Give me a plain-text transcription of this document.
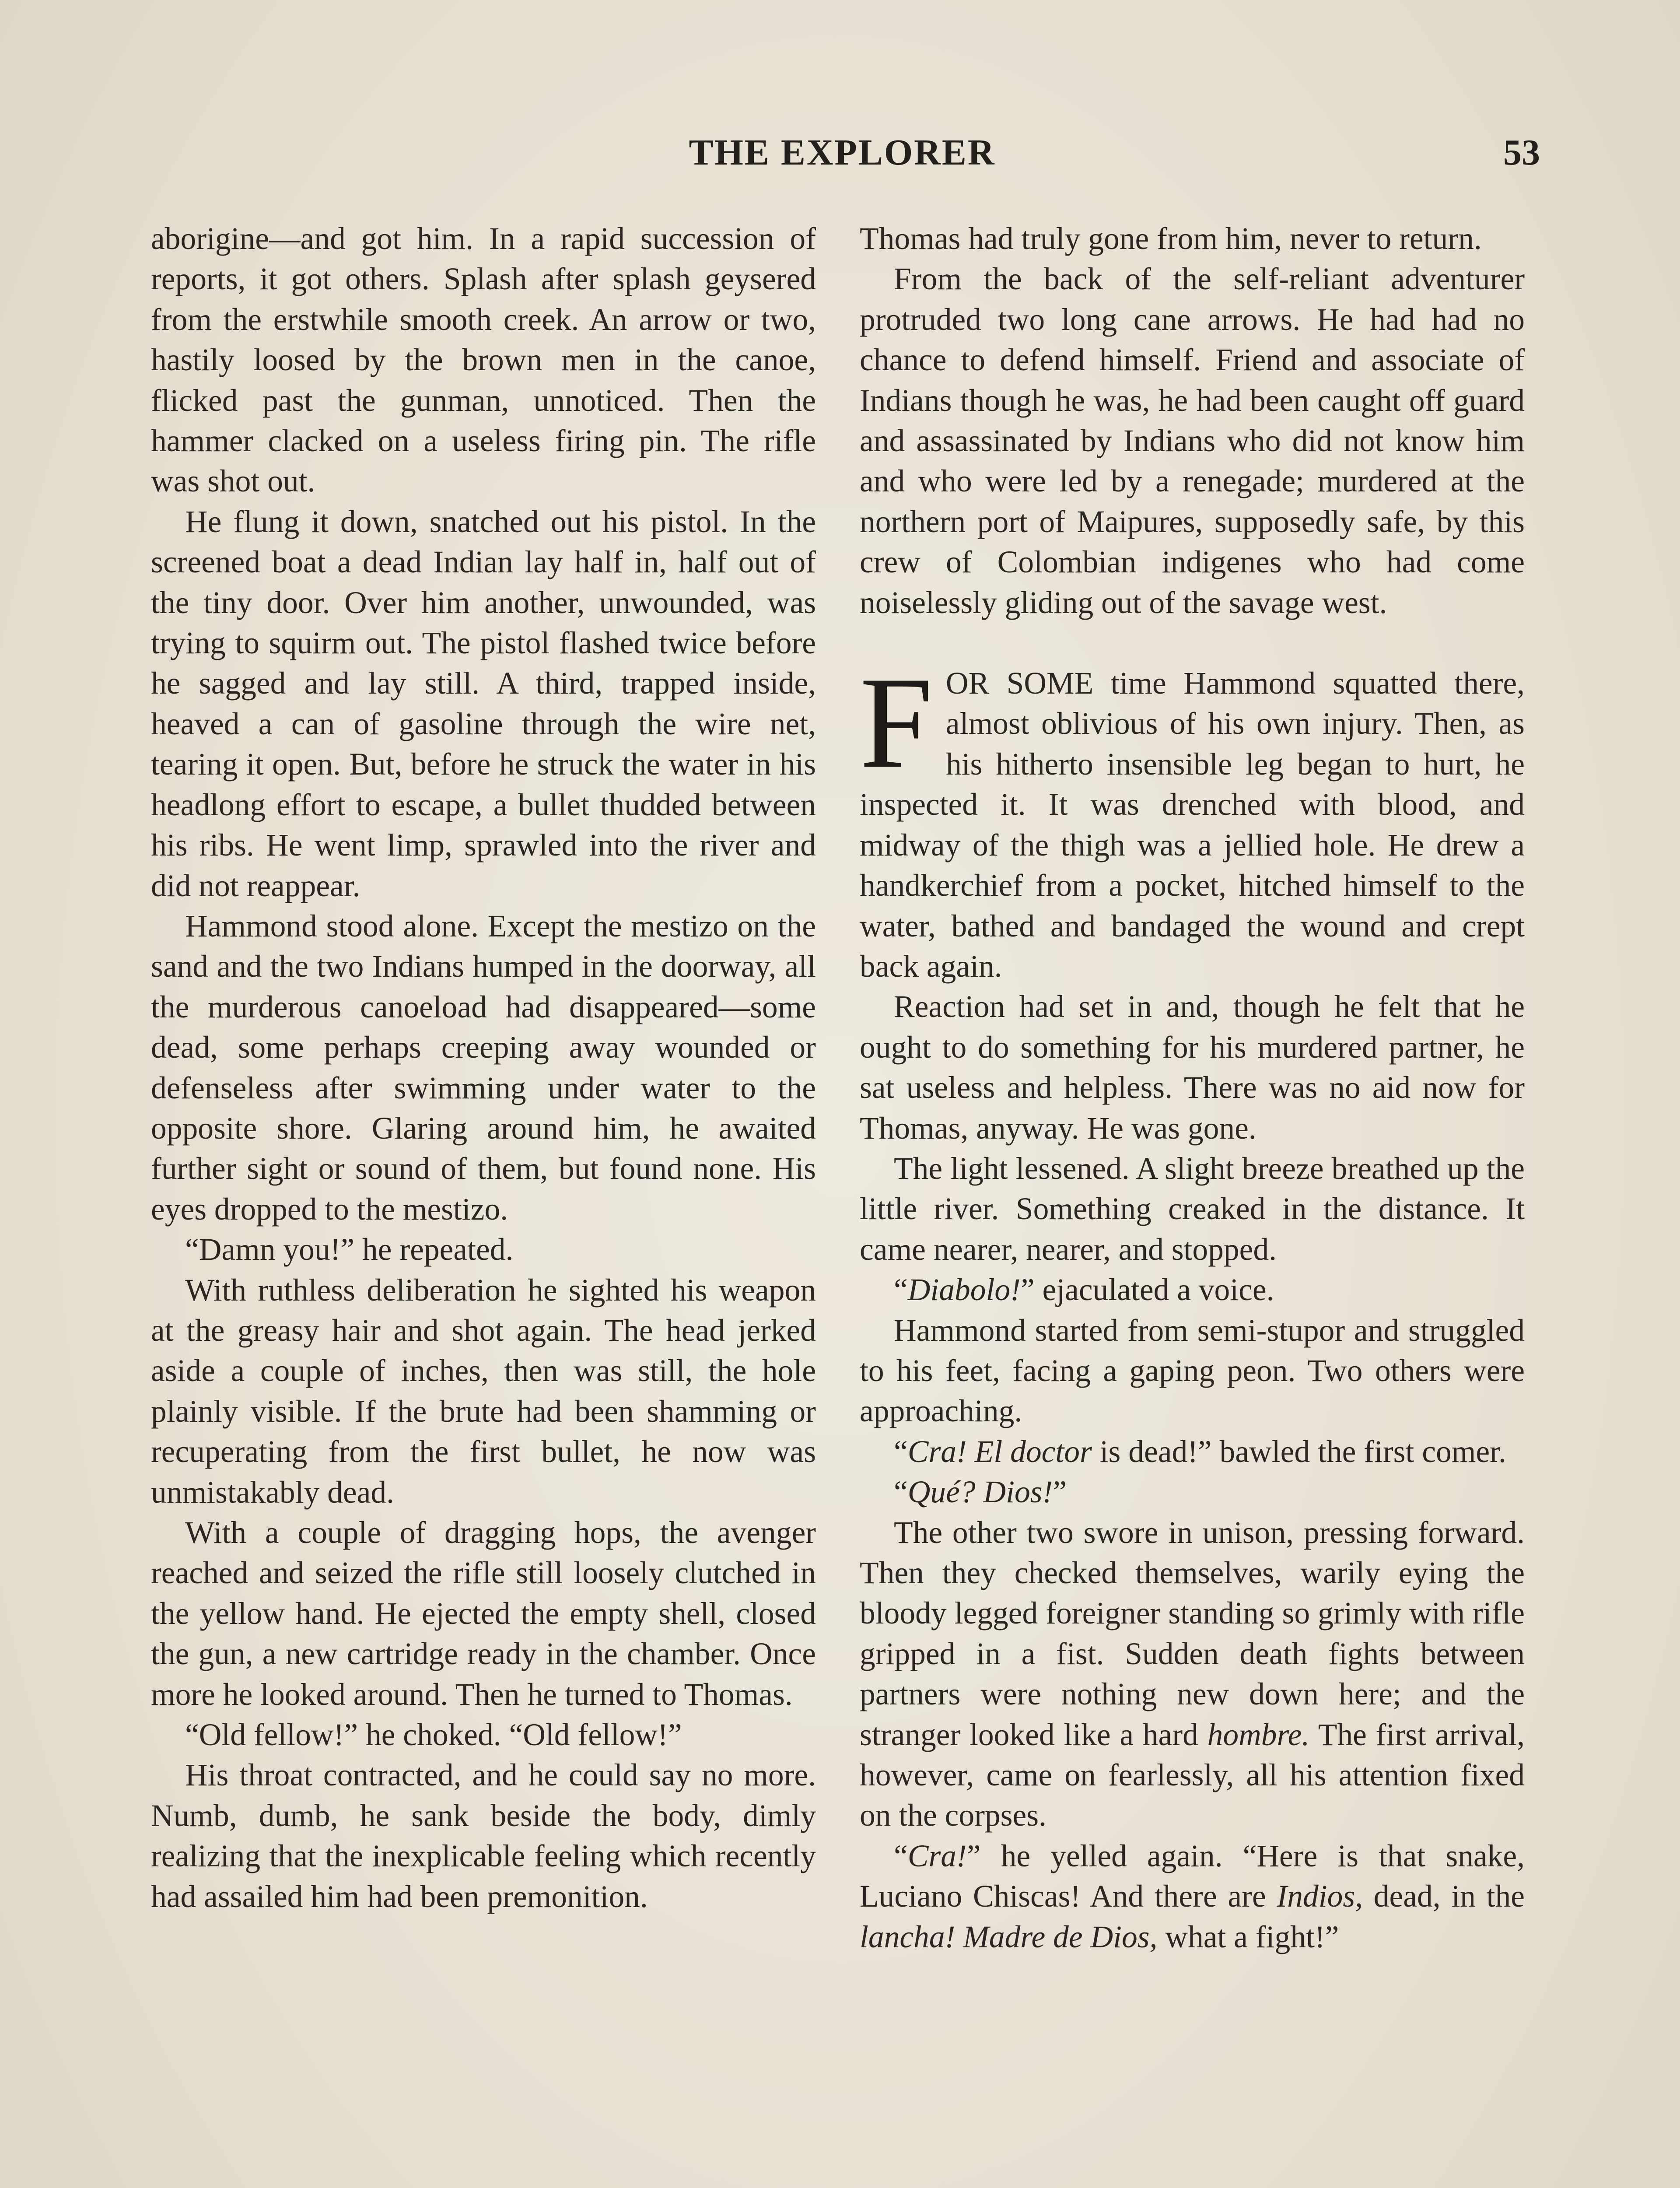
THE EXPLORER	53

aborigine—and got him. In a rapid succession of reports, it got others. Splash after splash geysered from the erstwhile smooth creek. An arrow or two, hastily loosed by the brown men in the canoe, flicked past the gunman, unnoticed. Then the hammer clacked on a useless firing pin. The rifle was shot out.

He flung it down, snatched out his pistol. In the screened boat a dead Indian lay half in, half out of the tiny door. Over him another, unwounded, was trying to squirm out. The pistol flashed twice before he sagged and lay still. A third, trapped inside, heaved a can of gasoline through the wire net, tearing it open. But, before he struck the water in his headlong effort to escape, a bullet thudded between his ribs. He went limp, sprawled into the river and did not reappear.

Hammond stood alone. Except the mestizo on the sand and the two Indians humped in the doorway, all the murderous canoeload had disappeared—some dead, some perhaps creeping away wounded or defenseless after swimming under water to the opposite shore. Glaring around him, he awaited further sight or sound of them, but found none. His eyes dropped to the mestizo.

“Damn you!” he repeated.

With ruthless deliberation he sighted his weapon at the greasy hair and shot again. The head jerked aside a couple of inches, then was still, the hole plainly visible. If the brute had been shamming or recuperating from the first bullet, he now was unmistakably dead.

With a couple of dragging hops, the avenger reached and seized the rifle still loosely clutched in the yellow hand. He ejected the empty shell, closed the gun, a new cartridge ready in the chamber. Once more he looked around. Then he turned to Thomas.

“Old fellow!” he choked. “Old fellow!”

His throat contracted, and he could say no more. Numb, dumb, he sank beside the body, dimly realizing that the inexplicable feeling which recently had assailed him had been premonition.

Thomas had truly gone from him, never to return.

From the back of the self-reliant adventurer protruded two long cane arrows. He had had no chance to defend himself. Friend and associate of Indians though he was, he had been caught off guard and assassinated by Indians who did not know him and who were led by a renegade; murdered at the northern port of Maipures, supposedly safe, by this crew of Colombian indigenes who had come noiselessly gliding out of the savage west.

FOR SOME time Hammond squatted there, almost oblivious of his own injury. Then, as his hitherto insensible leg began to hurt, he inspected it. It was drenched with blood, and midway of the thigh was a jellied hole. He drew a handkerchief from a pocket, hitched himself to the water, bathed and bandaged the wound and crept back again.

Reaction had set in and, though he felt that he ought to do something for his murdered partner, he sat useless and helpless. There was no aid now for Thomas, anyway. He was gone.

The light lessened. A slight breeze breathed up the little river. Something creaked in the distance. It came nearer, nearer, and stopped.

“Diabolo!” ejaculated a voice.

Hammond started from semi-stupor and struggled to his feet, facing a gaping peon. Two others were approaching.

“Cra! El doctor is dead!” bawled the first comer.

“Qué? Dios!”

The other two swore in unison, pressing forward. Then they checked themselves, warily eying the bloody legged foreigner standing so grimly with rifle gripped in a fist. Sudden death fights between partners were nothing new down here; and the stranger looked like a hard hombre. The first arrival, however, came on fearlessly, all his attention fixed on the corpses.

“Cra!” he yelled again. “Here is that snake, Luciano Chiscas! And there are Indios, dead, in the lancha! Madre de Dios, what a fight!”
